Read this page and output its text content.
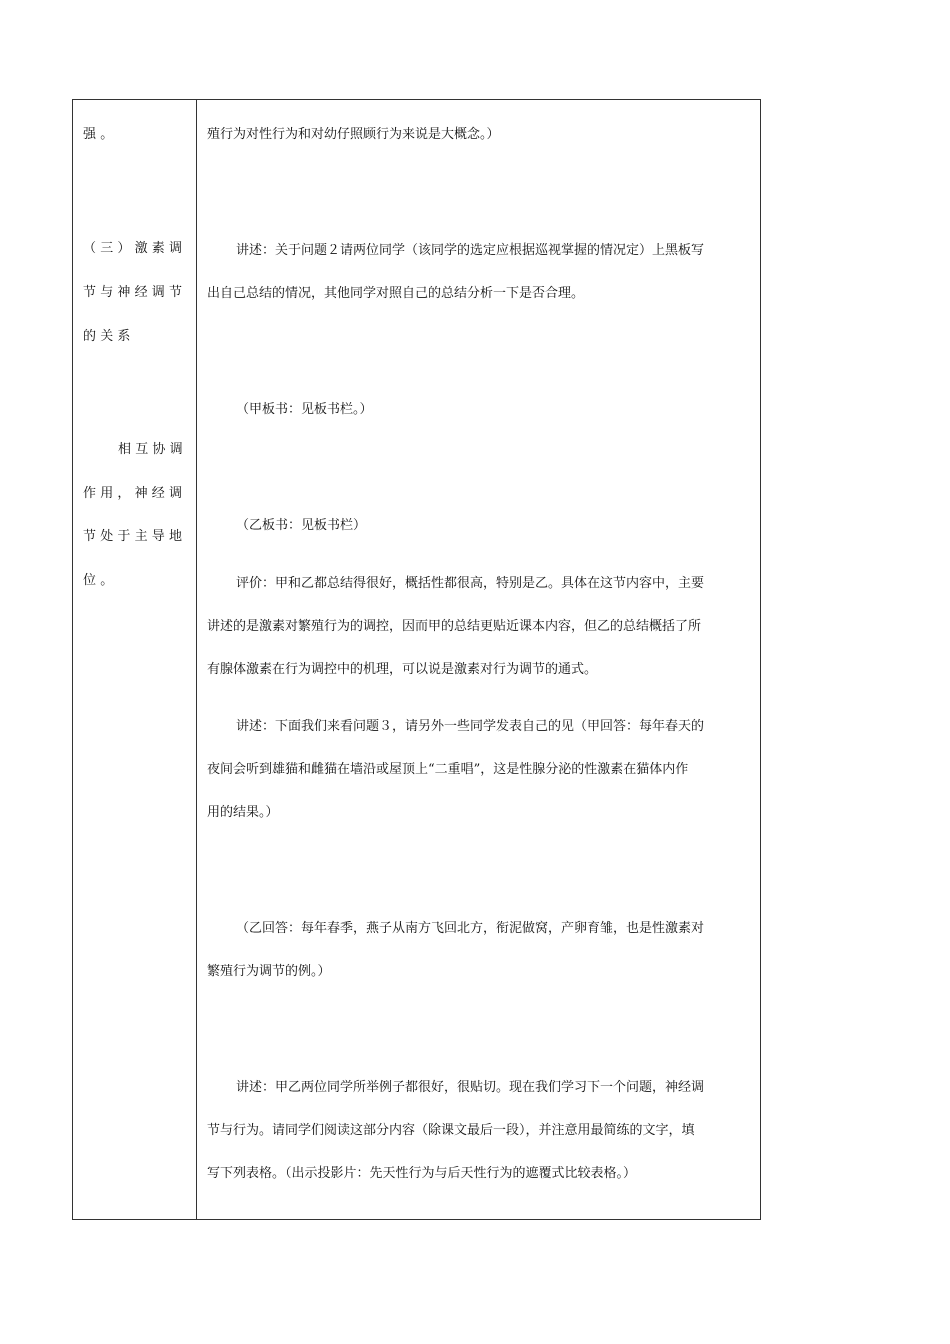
强。
（三）激素调
节与神经调节
的关系
相互协调
作用，神经调
节处于主导地
位。
殖行为对性行为和对幼仔照顾行为来说是大概念。）
讲述：关于问题２请两位同学（该同学的选定应根据巡视掌握的情况定）上黑板写
出自己总结的情况，其他同学对照自己的总结分析一下是否合理。
（甲板书：见板书栏。）
（乙板书：见板书栏）
评价：甲和乙都总结得很好，概括性都很高，特别是乙。具体在这节内容中，主要
讲述的是激素对繁殖行为的调控，因而甲的总结更贴近课本内容，但乙的总结概括了所
有腺体激素在行为调控中的机理，可以说是激素对行为调节的通式。
讲述：下面我们来看问题３，请另外一些同学发表自己的见（甲回答：每年春天的
夜间会听到雄猫和雌猫在墙沿或屋顶上“二重唱”，这是性腺分泌的性激素在猫体内作
用的结果。）
（乙回答：每年春季，燕子从南方飞回北方，衔泥做窝，产卵育雏，也是性激素对
繁殖行为调节的例。）
讲述：甲乙两位同学所举例子都很好，很贴切。现在我们学习下一个问题，神经调
节与行为。请同学们阅读这部分内容（除课文最后一段），并注意用最简练的文字，填
写下列表格。（出示投影片：先天性行为与后天性行为的遮覆式比较表格。）
